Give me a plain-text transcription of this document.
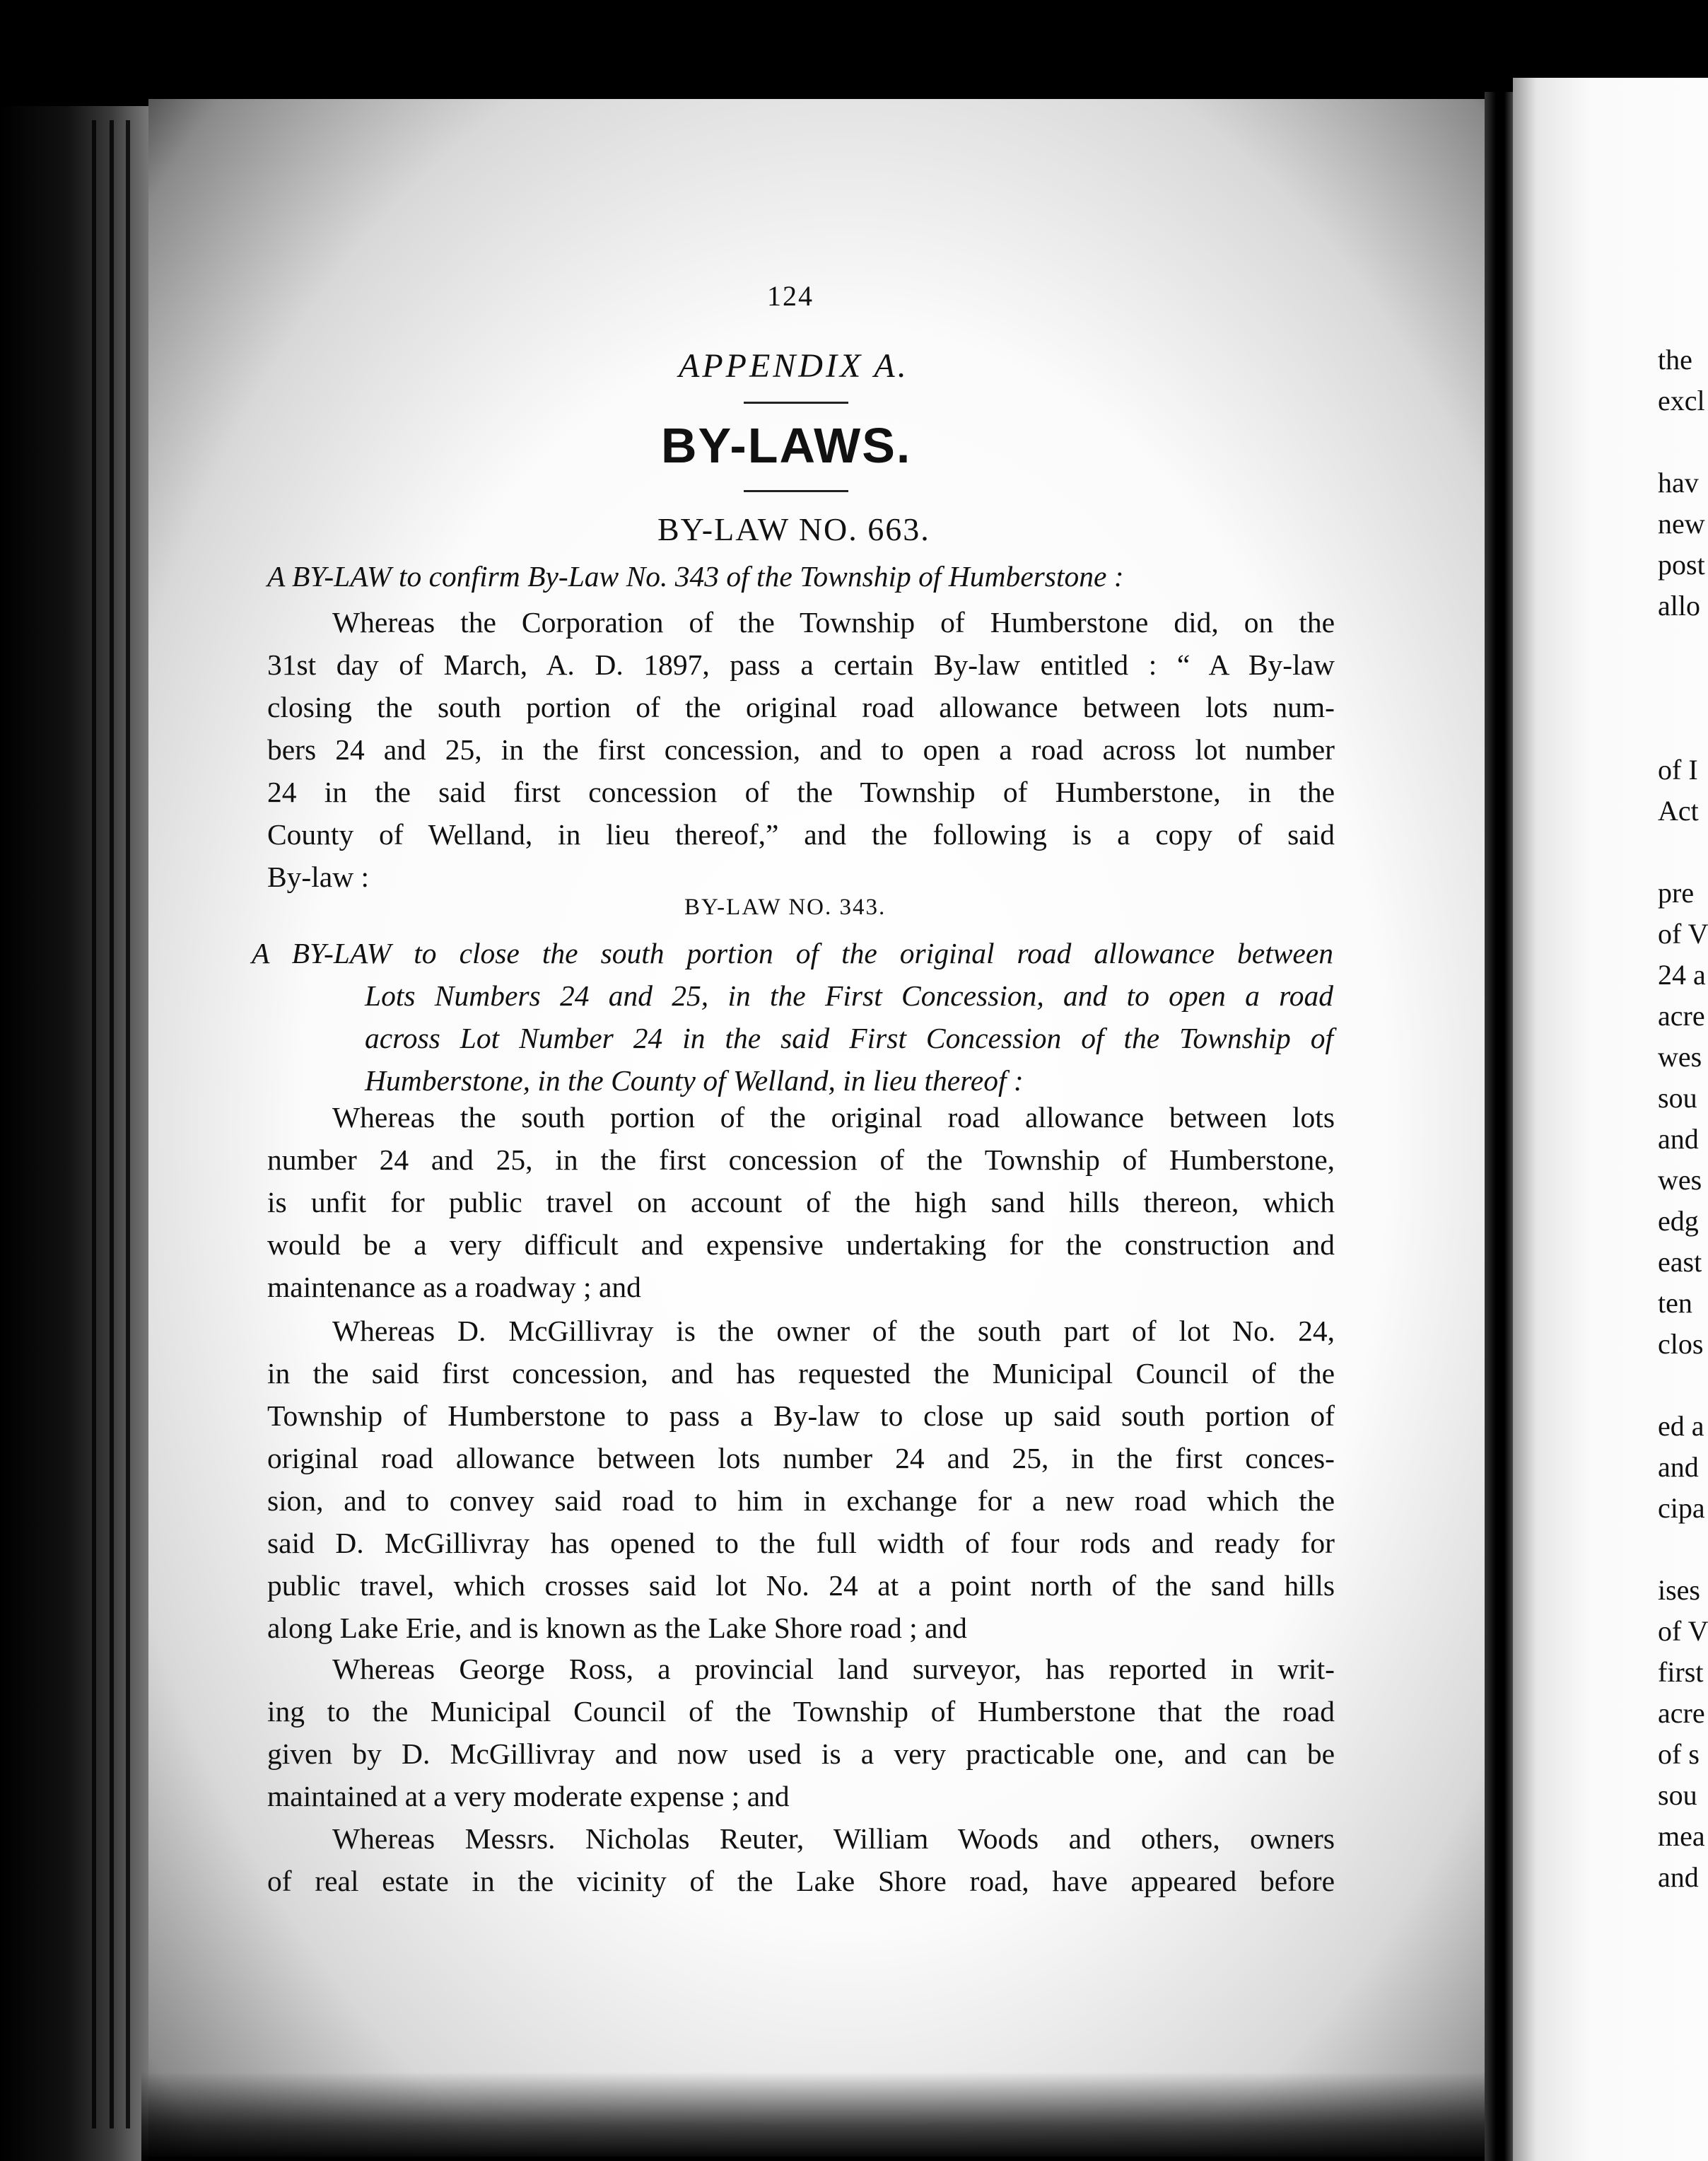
124
APPENDIX A.
BY-LAWS.
BY-LAW NO. 663.
A BY-LAW to confirm By-Law No. 343 of the Township of Humberstone :
Whereas the Corporation of the Township of Humberstone did, on the
31st day of March, A. D. 1897, pass a certain By-law entitled : “ A By-law
closing the south portion of the original road allowance between lots num-
bers 24 and 25, in the first concession, and to open a road across lot number
24 in the said first concession of the Township of Humberstone, in the
County of Welland, in lieu thereof,” and the following is a copy of said
By-law :
BY-LAW NO. 343.
A BY-LAW to close the south portion of the original road allowance between
Lots Numbers 24 and 25, in the First Concession, and to open a road
across Lot Number 24 in the said First Concession of the Township of
Humberstone, in the County of Welland, in lieu thereof :
Whereas the south portion of the original road allowance between lots
number 24 and 25, in the first concession of the Township of Humberstone,
is unfit for public travel on account of the high sand hills thereon, which
would be a very difficult and expensive undertaking for the construction and
maintenance as a roadway ; and
Whereas D. McGillivray is the owner of the south part of lot No. 24,
in the said first concession, and has requested the Municipal Council of the
Township of Humberstone to pass a By-law to close up said south portion of
original road allowance between lots number 24 and 25, in the first conces-
sion, and to convey said road to him in exchange for a new road which the
said D. McGillivray has opened to the full width of four rods and ready for
public travel, which crosses said lot No. 24 at a point north of the sand hills
along Lake Erie, and is known as the Lake Shore road ; and
Whereas George Ross, a provincial land surveyor, has reported in writ-
ing to the Municipal Council of the Township of Humberstone that the road
given by D. McGillivray and now used is a very practicable one, and can be
maintained at a very moderate expense ; and
Whereas Messrs. Nicholas Reuter, William Woods and others, owners
of real estate in the vicinity of the Lake Shore road, have appeared before
the
excl

hav
new
post
allo

of I
Act

pre
of V
24 a
acre
wes
sou
and
wes
edg
east
ten
clos

ed a
and
cipa

ises
of V
first
acre
of s
sou
mea
and
